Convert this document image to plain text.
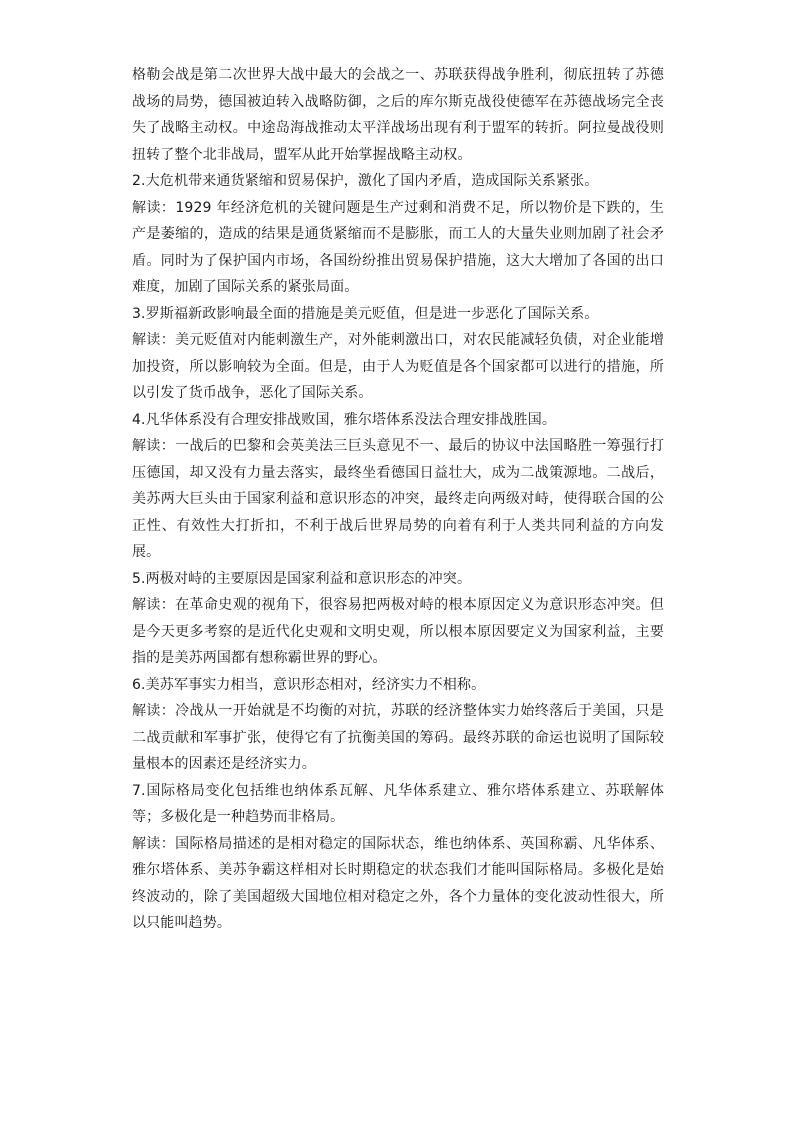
格勒会战是第二次世界大战中最大的会战之一、苏联获得战争胜利，彻底扭转了苏德战场的局势，德国被迫转入战略防御，之后的库尔斯克战役使德军在苏德战场完全丧失了战略主动权。中途岛海战推动太平洋战场出现有利于盟军的转折。阿拉曼战役则扭转了整个北非战局，盟军从此开始掌握战略主动权。

2.大危机带来通货紧缩和贸易保护，激化了国内矛盾，造成国际关系紧张。

解读：1929 年经济危机的关键问题是生产过剩和消费不足，所以物价是下跌的，生产是萎缩的，造成的结果是通货紧缩而不是膨胀，而工人的大量失业则加剧了社会矛盾。同时为了保护国内市场，各国纷纷推出贸易保护措施，这大大增加了各国的出口难度，加剧了国际关系的紧张局面。

3.罗斯福新政影响最全面的措施是美元贬值，但是进一步恶化了国际关系。

解读：美元贬值对内能刺激生产，对外能刺激出口，对农民能减轻负债，对企业能增加投资，所以影响较为全面。但是，由于人为贬值是各个国家都可以进行的措施，所以引发了货币战争，恶化了国际关系。

4.凡华体系没有合理安排战败国，雅尔塔体系没法合理安排战胜国。

解读：一战后的巴黎和会英美法三巨头意见不一、最后的协议中法国略胜一筹强行打压德国，却又没有力量去落实，最终坐看德国日益壮大，成为二战策源地。二战后，美苏两大巨头由于国家利益和意识形态的冲突，最终走向两级对峙，使得联合国的公正性、有效性大打折扣，不利于战后世界局势的向着有利于人类共同利益的方向发展。

5.两极对峙的主要原因是国家利益和意识形态的冲突。

解读：在革命史观的视角下，很容易把两极对峙的根本原因定义为意识形态冲突。但是今天更多考察的是近代化史观和文明史观，所以根本原因要定义为国家利益，主要指的是美苏两国都有想称霸世界的野心。

6.美苏军事实力相当，意识形态相对，经济实力不相称。

解读：冷战从一开始就是不均衡的对抗，苏联的经济整体实力始终落后于美国，只是二战贡献和军事扩张，使得它有了抗衡美国的筹码。最终苏联的命运也说明了国际较量根本的因素还是经济实力。

7.国际格局变化包括维也纳体系瓦解、凡华体系建立、雅尔塔体系建立、苏联解体等；多极化是一种趋势而非格局。

解读：国际格局描述的是相对稳定的国际状态，维也纳体系、英国称霸、凡华体系、雅尔塔体系、美苏争霸这样相对长时期稳定的状态我们才能叫国际格局。多极化是始终波动的，除了美国超级大国地位相对稳定之外，各个力量体的变化波动性很大，所以只能叫趋势。
